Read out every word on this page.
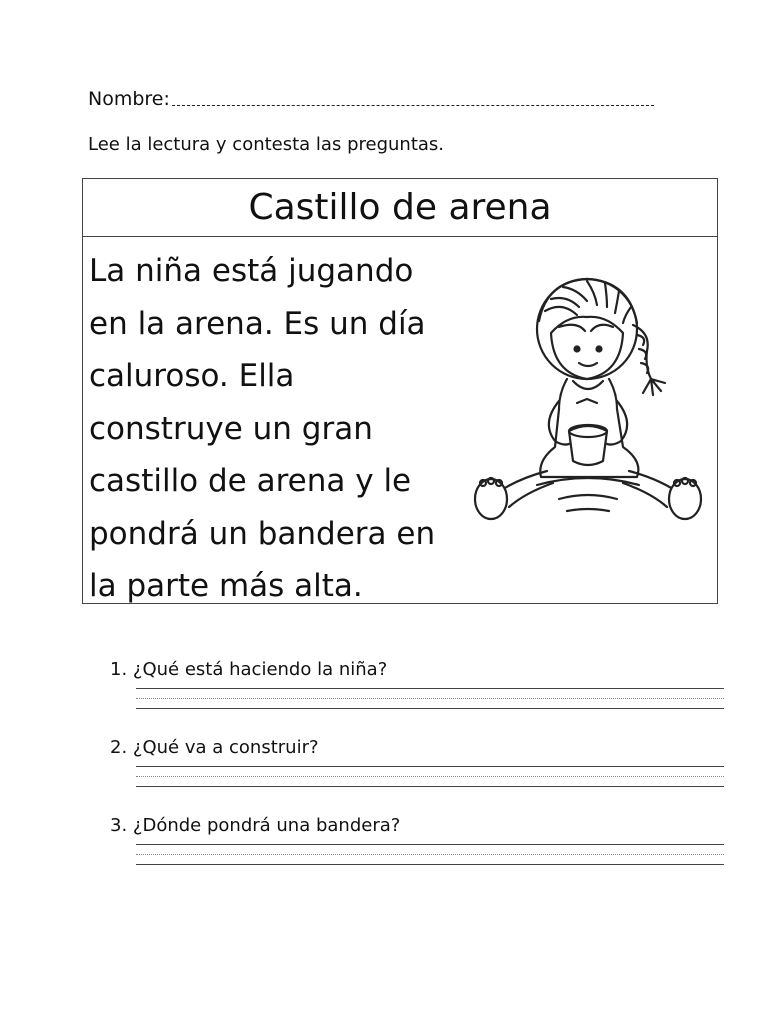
Nombre:
Lee la lectura y contesta las preguntas.
Castillo de arena
La niña está jugando
en la arena. Es un día
caluroso. Ella
construye un gran
castillo de arena y le
pondrá un bandera en
la parte más alta.
1. ¿Qué está haciendo la niña?
2. ¿Qué va a construir?
3. ¿Dónde pondrá una bandera?
